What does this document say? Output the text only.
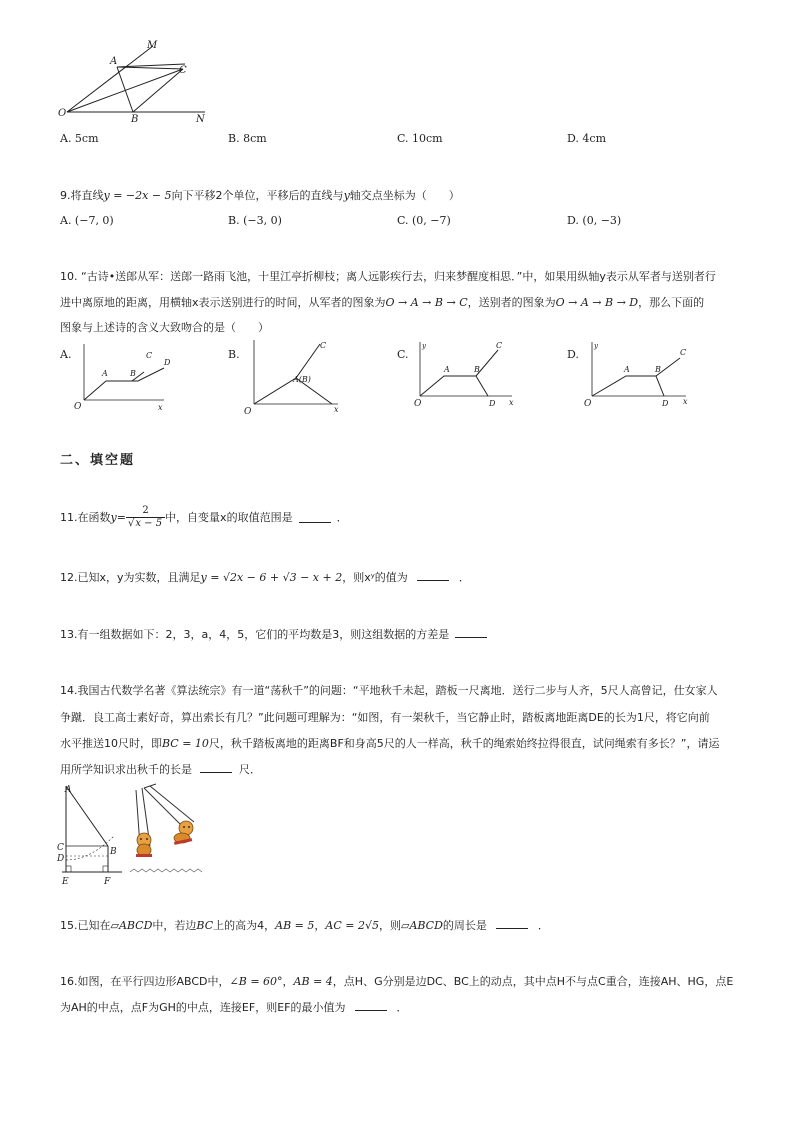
M
A
C
O
B	N
A. 5cm	B. 8cm	C. 10cm	D. 4cm
9.将直线y = −2x − 5向下平移2个单位，平移后的直线与y轴交点坐标为（　　）
A. (−7, 0)	B. (−3, 0)	C. (0, −7)	D. (0, −3)
10. “古诗•送郎从军：送郎一路雨飞池，十里江亭折柳枝；离人远影疾行去，归来梦醒度相思．”中，如果用纵轴y表示从军者与送别者行
进中离原地的距离，用横轴x表示送别进行的时间，从军者的图象为O → A → B → C，送别者的图象为O → A → B → D，那么下面的
图象与上述诗的含义大致吻合的是（　　）
A.	B.	C.	D.
O	x
A	B
C
D
O	x
A(B)
C
O
y
x
A	B
C
D	O
y
x
A	B
C
D
二、填空题
11.在函数 $y = \frac{2}{√x - 5}$ 中，自变量x的取值范围是	．
12.已知x，y为实数，且满足y = √2x − 6 + √3 − x + 2，则xʸ的值为	．
13.有一组数据如下：2，3，a，4，5，它们的平均数是3，则这组数据的方差是
14.我国古代数学名著《算法统宗》有一道“荡秋千”的问题：“平地秋千未起，踏板一尺离地．送行二步与人齐，5尺人高曾记，仕女家人
争蹴．良工高士素好奇，算出索长有几？”此问题可理解为：“如图，有一架秋千，当它静止时，踏板离地距离DE的长为1尺，将它向前
水平推送10尺时，即BC = 10尺，秋千踏板离地的距离BF和身高5尺的人一样高，秋千的绳索始终拉得很直，试问绳索有多长？”，请运
用所学知识求出秋千的长是	尺．
A
C
D
B
E	F
15.已知在▱ABCD中，若边BC上的高为4，AB = 5，AC = 2√5，则▱ABCD的周长是	．
16.如图，在平行四边形ABCD中，∠B = 60°，AB = 4，点H、G分别是边DC、BC上的动点，其中点H不与点C重合，连接AH、HG，点E
为AH的中点，点F为GH的中点，连接EF，则EF的最小值为	．
